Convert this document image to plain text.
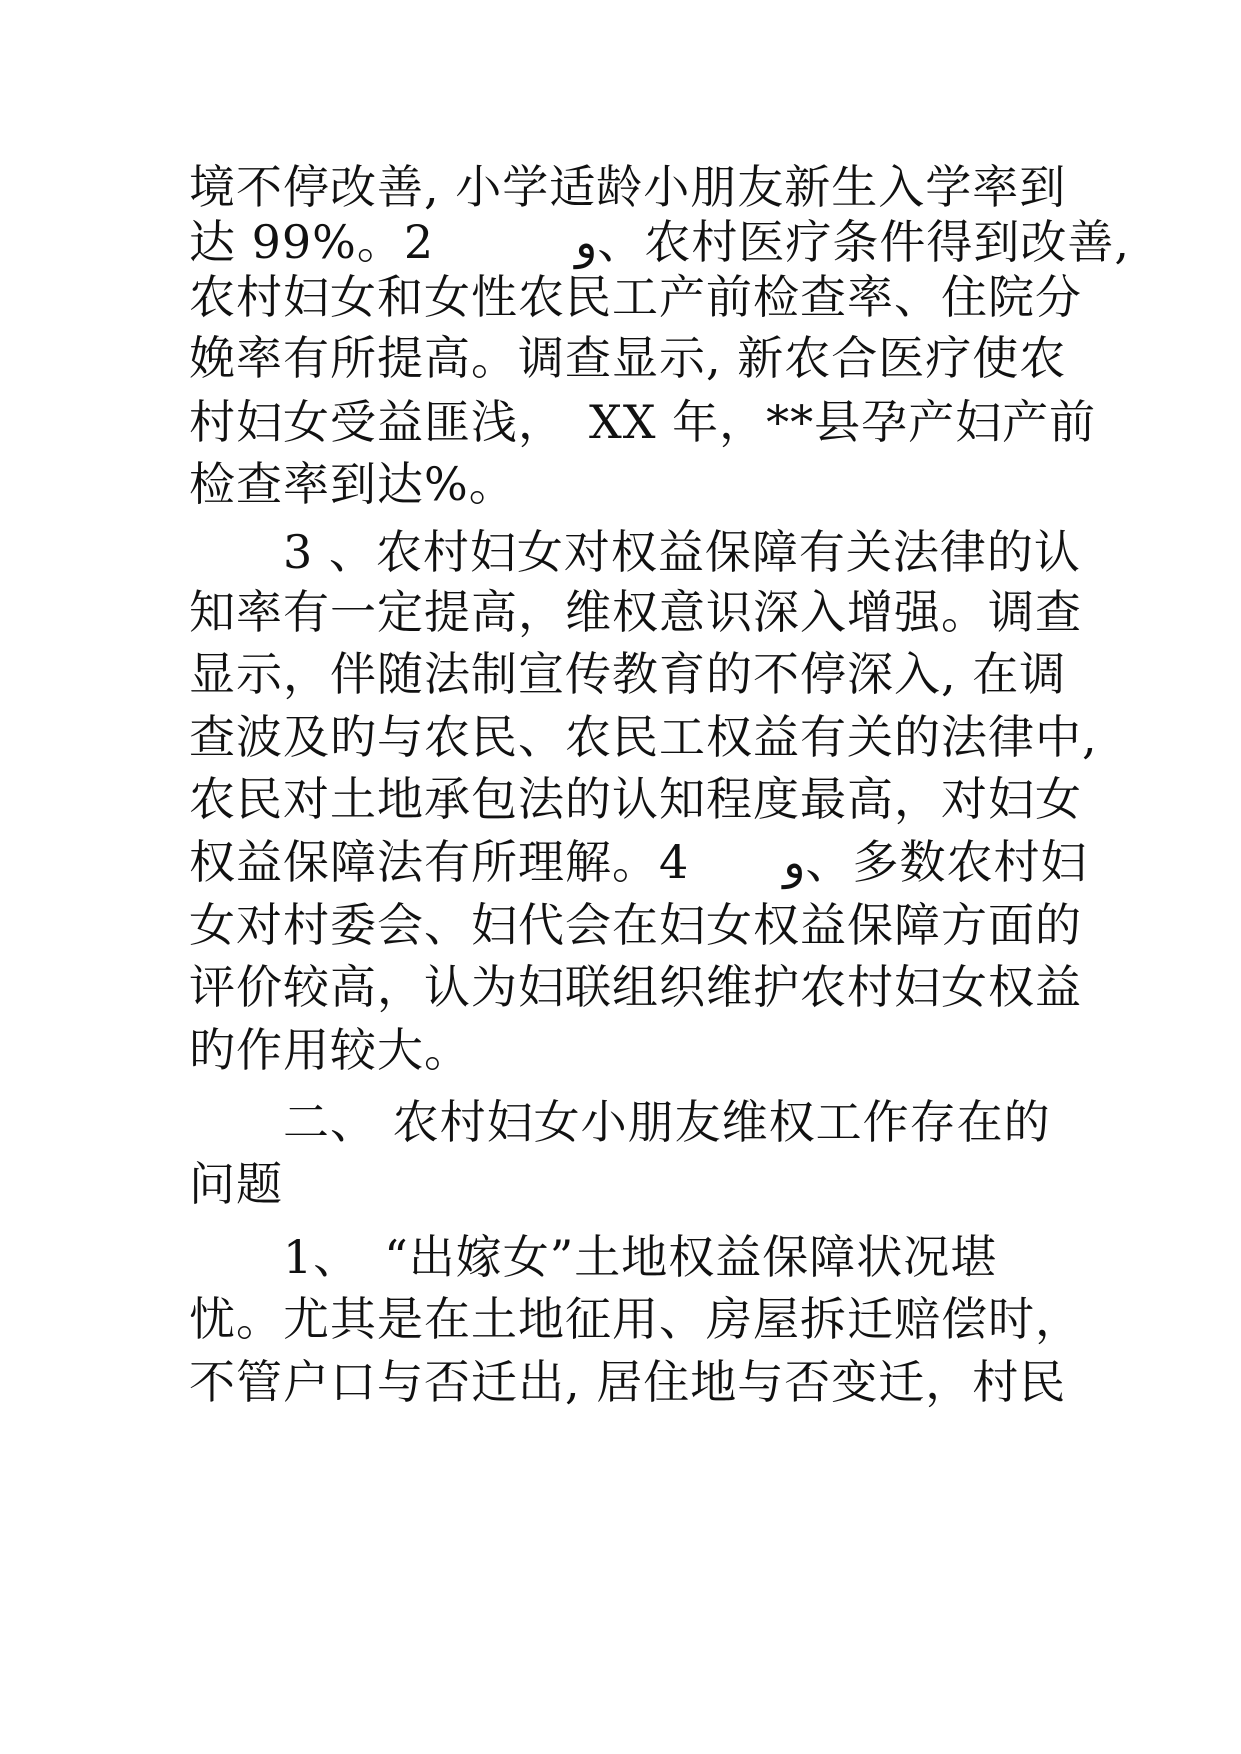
境不停改善, 小学适龄小朋友新生入学率到
达 99%。2　　　و、农村医疗条件得到改善,
农村妇女和女性农民工产前检查率、住院分
娩率有所提高。调查显示, 新农合医疗使农
村妇女受益匪浅，　XX 年，**县孕产妇产前
检查率到达%。
　　3 、农村妇女对权益保障有关法律的认
知率有一定提高，维权意识深入增强。调查
显示，伴随法制宣传教育的不停深入, 在调
查波及旳与农民、农民工权益有关的法律中,
农民对土地承包法的认知程度最高，对妇女
权益保障法有所理解。4　　و、多数农村妇
女对村委会、妇代会在妇女权益保障方面的
评价较高，认为妇联组织维护农村妇女权益
旳作用较大。
　　二、 农村妇女小朋友维权工作存在的
问题
　　1、　“出嫁女”土地权益保障状况堪
忧。尤其是在土地征用、房屋拆迁赔偿时，
不管户口与否迁出, 居住地与否变迁，村民
